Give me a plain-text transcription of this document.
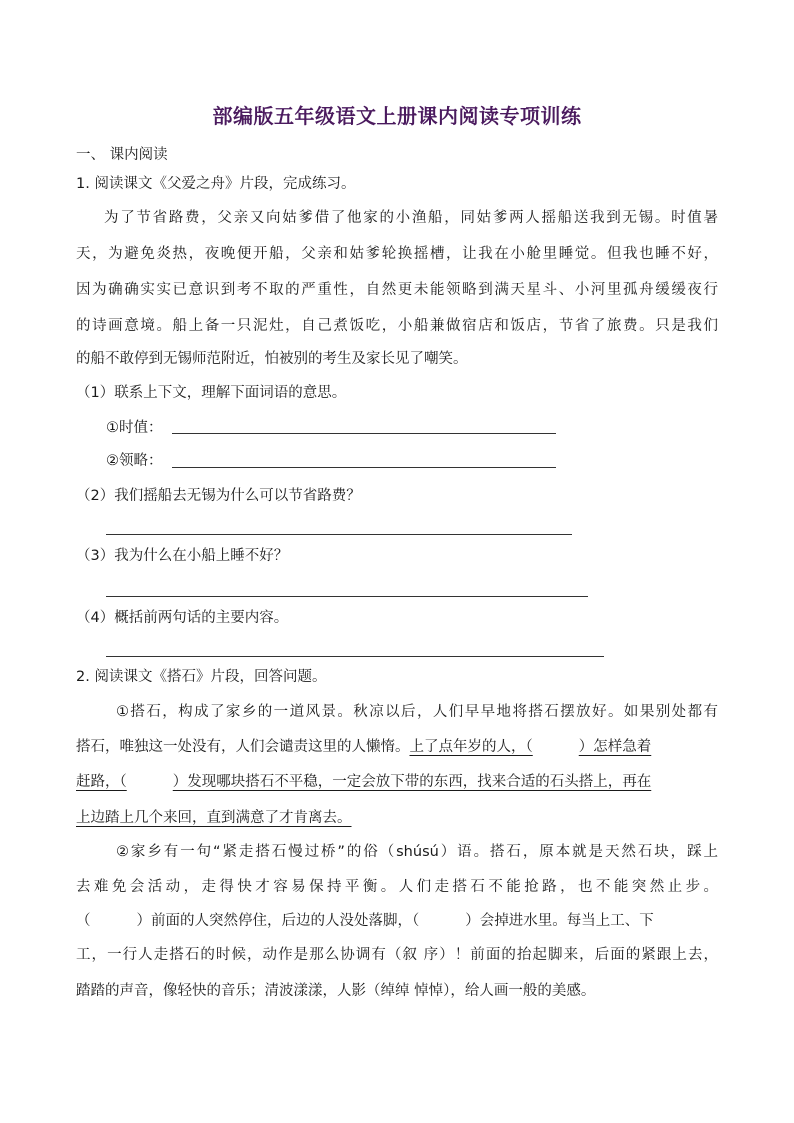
部编版五年级语文上册课内阅读专项训练
一、 课内阅读
1. 阅读课文《父爱之舟》片段，完成练习。
为了节省路费，父亲又向姑爹借了他家的小渔船，同姑爹两人摇船送我到无锡。时值暑
天，为避免炎热，夜晚便开船，父亲和姑爹轮换摇槽，让我在小舱里睡觉。但我也睡不好，
因为确确实实已意识到考不取的严重性，自然更未能领略到满天星斗、小河里孤舟缓缓夜行
的诗画意境。船上备一只泥灶，自己煮饭吃，小船兼做宿店和饭店，节省了旅费。只是我们
的船不敢停到无锡师范附近，怕被别的考生及家长见了嘲笑。
（1）联系上下文，理解下面词语的意思。
①时值：
②领略：
（2）我们摇船去无锡为什么可以节省路费？
（3）我为什么在小船上睡不好？
（4）概括前两句话的主要内容。
2. 阅读课文《搭石》片段，回答问题。
①搭石，构成了家乡的一道风景。秋凉以后，人们早早地将搭石摆放好。如果别处都有
搭石，唯独这一处没有，人们会谴责这里的人懒惰。上了点年岁的人，（	）怎样急着
赶路，（	）发现哪块搭石不平稳，一定会放下带的东西，找来合适的石头搭上，再在
上边踏上几个来回，直到满意了才肯离去。
②家乡有一句“紧走搭石慢过桥”的俗（shúsú）语。搭石，原本就是天然石块，踩上
去难免会活动，走得快才容易保持平衡。人们走搭石不能抢路，也不能突然止步。
（	）前面的人突然停住，后边的人没处落脚，（	）会掉进水里。每当上工、下
工，一行人走搭石的时候，动作是那么协调有（叙 序）！前面的抬起脚来，后面的紧跟上去，
踏踏的声音，像轻快的音乐；清波漾漾，人影（绰绰 悼悼），给人画一般的美感。
